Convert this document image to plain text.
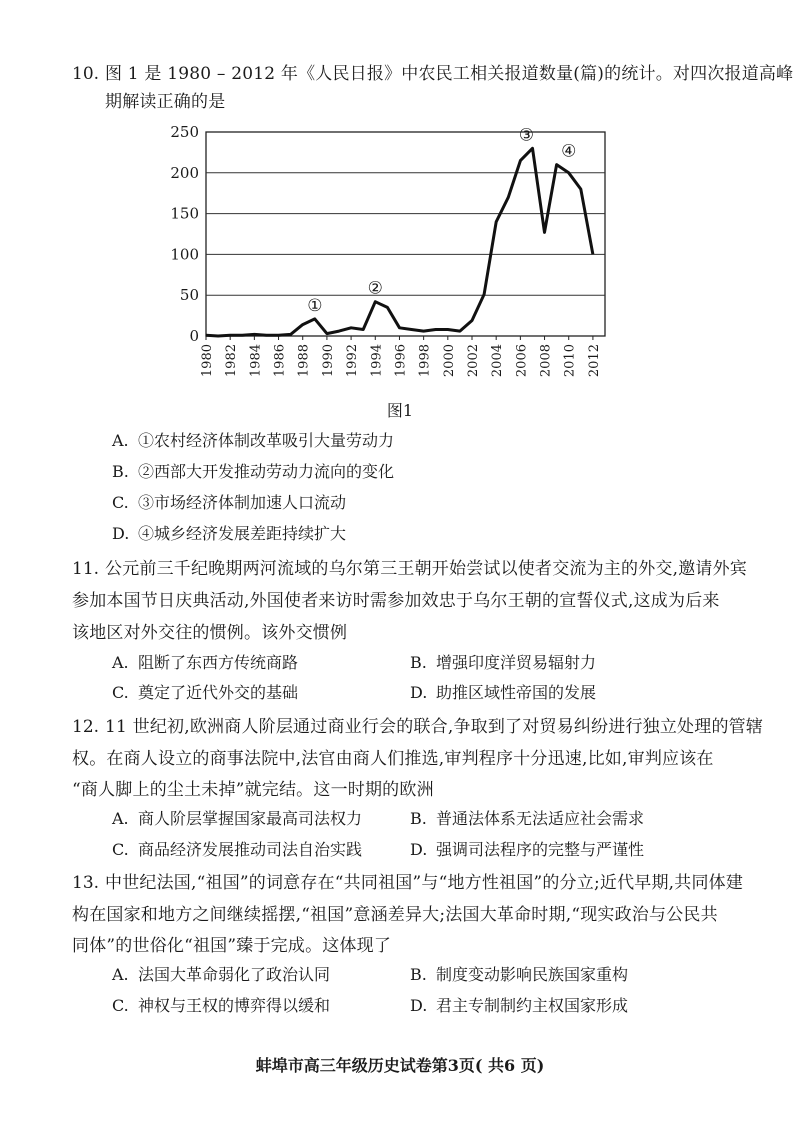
10. 图 1 是 1980 – 2012 年《人民日报》中农民工相关报道数量(篇)的统计。对四次报道高峰
期解读正确的是
0
50
100
150
200
250
1980 1982 1984 1986 1988 1990 1992 1994 1996 1998 2000 2002 2004 2006 2008 2010 2012
①
②
③
④
图1
A. ①农村经济体制改革吸引大量劳动力
B. ②西部大开发推动劳动力流向的变化
C. ③市场经济体制加速人口流动
D. ④城乡经济发展差距持续扩大
11. 公元前三千纪晚期两河流域的乌尔第三王朝开始尝试以使者交流为主的外交,邀请外宾
参加本国节日庆典活动,外国使者来访时需参加效忠于乌尔王朝的宣誓仪式,这成为后来
该地区对外交往的惯例。该外交惯例
A. 阻断了东西方传统商路	B. 增强印度洋贸易辐射力
C. 奠定了近代外交的基础	D. 助推区域性帝国的发展
12. 11 世纪初,欧洲商人阶层通过商业行会的联合,争取到了对贸易纠纷进行独立处理的管辖
权。在商人设立的商事法院中,法官由商人们推选,审判程序十分迅速,比如,审判应该在
“商人脚上的尘土未掉”就完结。这一时期的欧洲
A. 商人阶层掌握国家最高司法权力	B. 普通法体系无法适应社会需求
C. 商品经济发展推动司法自治实践	D. 强调司法程序的完整与严谨性
13. 中世纪法国,“祖国”的词意存在“共同祖国”与“地方性祖国”的分立;近代早期,共同体建
构在国家和地方之间继续摇摆,“祖国”意涵差异大;法国大革命时期,“现实政治与公民共
同体”的世俗化“祖国”臻于完成。这体现了
A. 法国大革命弱化了政治认同	B. 制度变动影响民族国家重构
C. 神权与王权的博弈得以缓和	D. 君主专制制约主权国家形成
蚌埠市高三年级历史试卷第3页( 共6 页)
